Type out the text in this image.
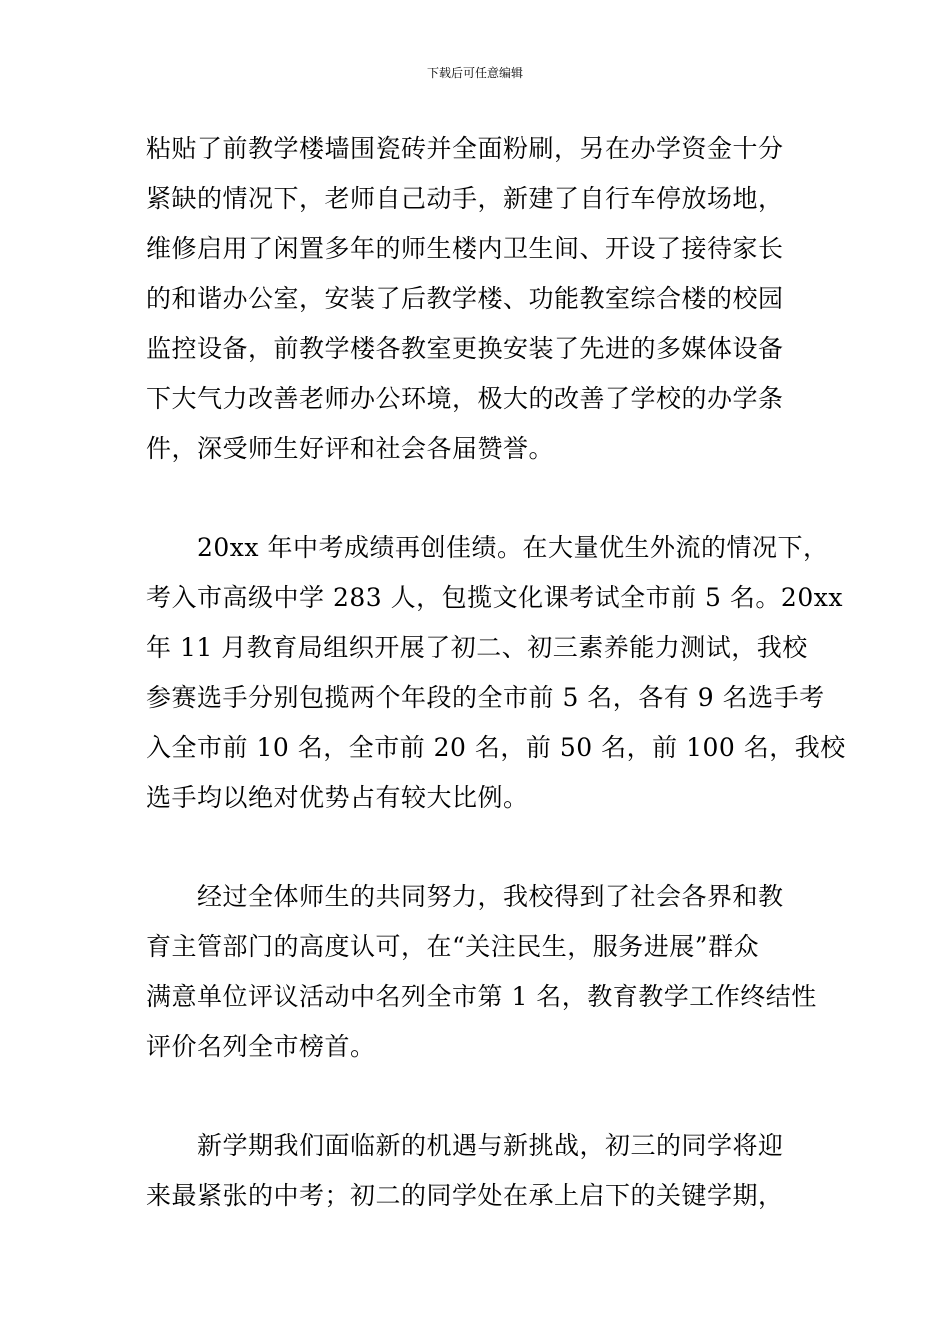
下载后可任意编辑
粘贴了前教学楼墙围瓷砖并全面粉刷，另在办学资金十分
紧缺的情况下，老师自己动手，新建了自行车停放场地，
维修启用了闲置多年的师生楼内卫生间、开设了接待家长
的和谐办公室，安装了后教学楼、功能教室综合楼的校园
监控设备，前教学楼各教室更换安装了先进的多媒体设备
下大气力改善老师办公环境，极大的改善了学校的办学条
件，深受师生好评和社会各届赞誉。
　　20xx 年中考成绩再创佳绩。在大量优生外流的情况下，
考入市高级中学 283 人，包揽文化课考试全市前 5 名。20xx
年 11 月教育局组织开展了初二、初三素养能力测试，我校
参赛选手分别包揽两个年段的全市前 5 名，各有 9 名选手考
入全市前 10 名，全市前 20 名，前 50 名，前 100 名，我校
选手均以绝对优势占有较大比例。
　　经过全体师生的共同努力，我校得到了社会各界和教
育主管部门的高度认可，在“关注民生，服务进展”群众
满意单位评议活动中名列全市第 1 名，教育教学工作终结性
评价名列全市榜首。
　　新学期我们面临新的机遇与新挑战，初三的同学将迎
来最紧张的中考；初二的同学处在承上启下的关键学期，
